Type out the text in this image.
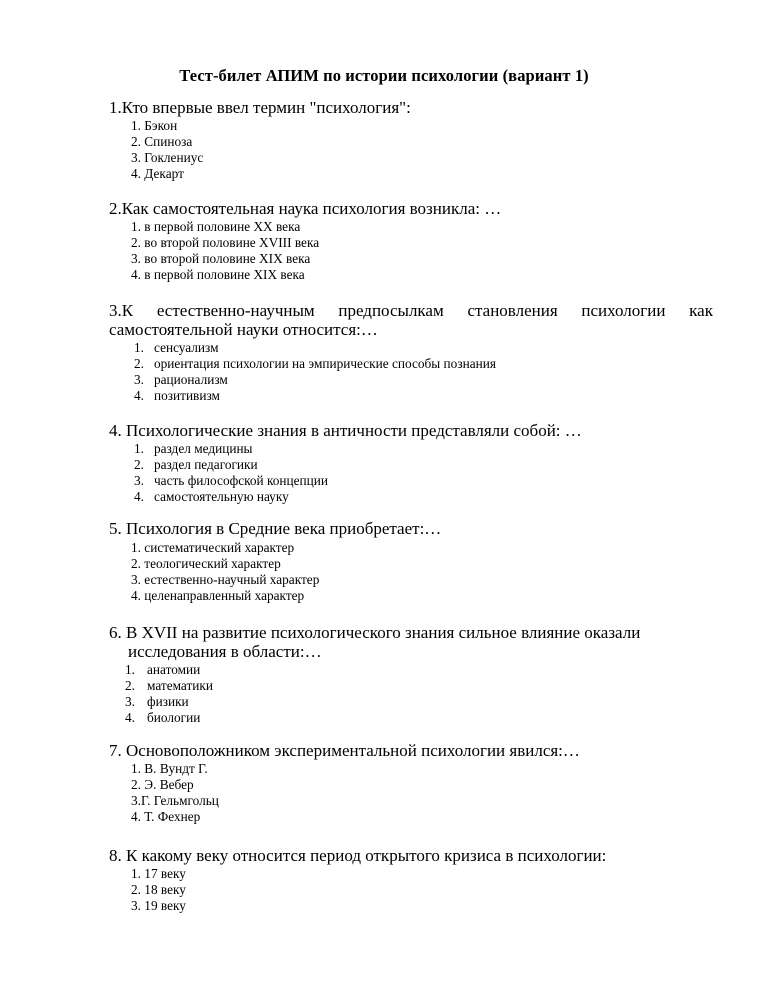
Тест-билет АПИМ по истории психологии (вариант 1)
1.Кто впервые ввел термин "психология":
1. Бэкон
2. Спиноза
3. Гоклениус
4. Декарт
2.Как самостоятельная наука психология возникла: …
1. в первой половине XX века
2. во второй половине XVIII века
3. во второй половине XIX века
4. в первой половине XIX века
3.К естественно-научным предпосылкам становления психологии как
самостоятельной науки относится:…
1. сенсуализм
2. ориентация психологии на эмпирические способы познания
3. рационализм
4. позитивизм
4. Психологические знания в античности представляли собой: …
1. раздел медицины
2. раздел педагогики
3. часть философской концепции
4. самостоятельную науку
5. Психология в Средние века приобретает:…
1. систематический характер
2. теологический характер
3. естественно-научный характер
4. целенаправленный характер
6. В XVII на развитие психологического знания сильное влияние оказали
исследования в области:…
1. анатомии
2. математики
3. физики
4. биологии
7. Основоположником экспериментальной психологии явился:…
1. В. Вундт Г.
2. Э. Вебер
3.Г. Гельмгольц
4. Т. Фехнер
8. К какому веку относится период открытого кризиса в психологии:
1. 17 веку
2. 18 веку
3. 19 веку
